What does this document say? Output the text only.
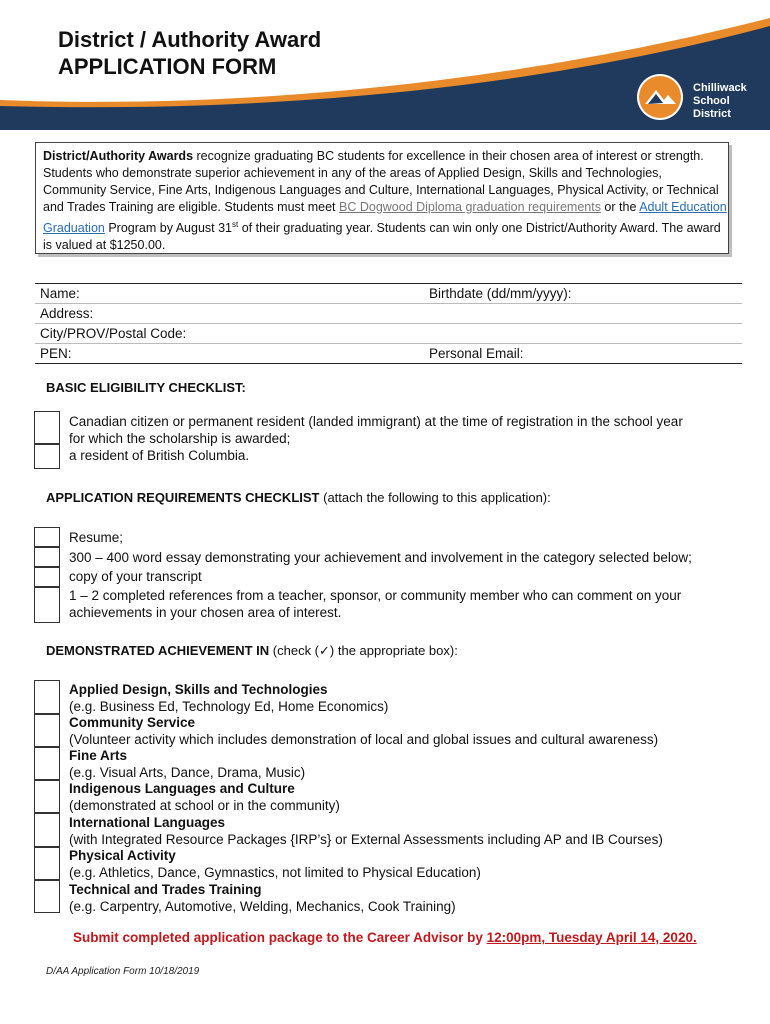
District / Authority Award
APPLICATION FORM
Chilliwack
School District
District/Authority Awards recognize graduating BC students for excellence in their chosen area of interest or strength. Students who demonstrate superior achievement in any of the areas of Applied Design, Skills and Technologies, Community Service, Fine Arts, Indigenous Languages and Culture, International Languages, Physical Activity, or Technical and Trades Training are eligible. Students must meet BC Dogwood Diploma graduation requirements or the Adult Education Graduation Program by August 31st of their graduating year. Students can win only one District/Authority Award. The award is valued at $1250.00.
Name:	Birthdate (dd/mm/yyyy):
Address:
City/PROV/Postal Code:
PEN:	Personal Email:
BASIC ELIGIBILITY CHECKLIST:
Canadian citizen or permanent resident (landed immigrant) at the time of registration in the school year
for which the scholarship is awarded;
a resident of British Columbia.
APPLICATION REQUIREMENTS CHECKLIST (attach the following to this application):
Resume;
300 – 400 word essay demonstrating your achievement and involvement in the category selected below;
copy of your transcript
1 – 2 completed references from a teacher, sponsor, or community member who can comment on your
achievements in your chosen area of interest.
DEMONSTRATED ACHIEVEMENT IN (check (✓) the appropriate box):
Applied Design, Skills and Technologies
(e.g. Business Ed, Technology Ed, Home Economics)
Community Service
(Volunteer activity which includes demonstration of local and global issues and cultural awareness)
Fine Arts
(e.g. Visual Arts, Dance, Drama, Music)
Indigenous Languages and Culture
(demonstrated at school or in the community)
International Languages
(with Integrated Resource Packages {IRP’s} or External Assessments including AP and IB Courses)
Physical Activity
(e.g. Athletics, Dance, Gymnastics, not limited to Physical Education)
Technical and Trades Training
(e.g. Carpentry, Automotive, Welding, Mechanics, Cook Training)
Submit completed application package to the Career Advisor by 12:00pm, Tuesday April 14, 2020.
D/AA Application Form 10/18/2019
